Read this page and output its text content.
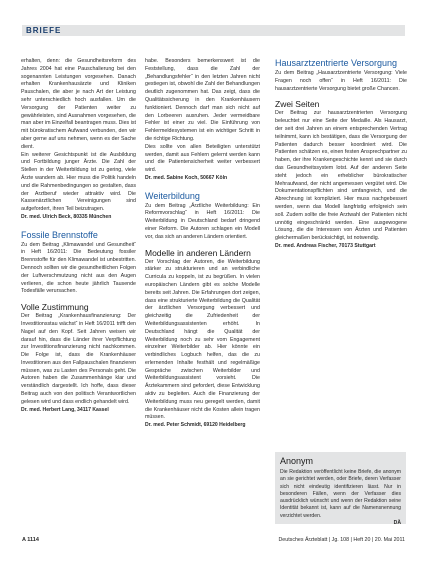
BRIEFE

erhalten, denn: die Gesundheitsreform des Jahres 2004 hat eine Pauschalierung bei den sogenannten Leistungen vorgesehen. Danach erhalten Krankenhausärzte und Kliniken Pauschalen, die aber je nach Art der Leistung sehr unterschiedlich hoch ausfallen. Um die Versorgung der Patienten weiter zu gewährleisten, sind Ausnahmen vorgesehen, die man aber im Einzelfall beantragen muss. Dies ist mit bürokratischem Aufwand verbunden, den wir aber gerne auf uns nehmen, wenn es der Sache dient.

Ein weiterer Gesichtspunkt ist die Ausbildung und Fortbildung junger Ärzte. Die Zahl der Stellen in der Weiterbildung ist zu gering, viele Ärzte wandern ab. Hier muss die Politik handeln und die Rahmenbedingungen so gestalten, dass der Arztberuf wieder attraktiv wird. Die Kassenärztlichen Vereinigungen sind aufgefordert, ihren Teil beizutragen.

Dr. med. Ulrich Beck, 80335 München

Fossile Brennstoffe

Zu dem Beitrag „Klimawandel und Gesundheit“ in Heft 16/2011: Die Bedeutung fossiler Brennstoffe für den Klimawandel ist unbestritten. Dennoch sollten wir die gesundheitlichen Folgen der Luftverschmutzung nicht aus den Augen verlieren, die schon heute jährlich Tausende Todesfälle verursachen.

Volle Zustimmung

Der Beitrag „Krankenhausfinanzierung: Der Investitionsstau wächst“ in Heft 16/2011 trifft den Nagel auf den Kopf. Seit Jahren weisen wir darauf hin, dass die Länder ihrer Verpflichtung zur Investitionsfinanzierung nicht nachkommen. Die Folge ist, dass die Krankenhäuser Investitionen aus den Fallpauschalen finanzieren müssen, was zu Lasten des Personals geht. Die Autoren haben die Zusammenhänge klar und verständlich dargestellt. Ich hoffe, dass dieser Beitrag auch von den politisch Verantwortlichen gelesen wird und dass endlich gehandelt wird.

Dr. med. Herbert Lang, 34117 Kassel

habe. Besonders bemerkenswert ist die Feststellung, dass die Zahl der „Behandlungsfehler“ in den letzten Jahren nicht gestiegen ist, obwohl die Zahl der Behandlungen deutlich zugenommen hat. Das zeigt, dass die Qualitätssicherung in den Krankenhäusern funktioniert. Dennoch darf man sich nicht auf den Lorbeeren ausruhen. Jeder vermeidbare Fehler ist einer zu viel. Die Einführung von Fehlermeldesystemen ist ein wichtiger Schritt in die richtige Richtung.

Dies sollte von allen Beteiligten unterstützt werden, damit aus Fehlern gelernt werden kann und die Patientensicherheit weiter verbessert wird.

Dr. med. Sabine Koch, 50667 Köln

Weiterbildung

Zu dem Beitrag „Ärztliche Weiterbildung: Ein Reformvorschlag“ in Heft 16/2011: Die Weiterbildung in Deutschland bedarf dringend einer Reform. Die Autoren schlagen ein Modell vor, das sich an anderen Ländern orientiert.

Modelle in anderen Ländern

Der Vorschlag der Autoren, die Weiterbildung stärker zu strukturieren und an verbindliche Curricula zu koppeln, ist zu begrüßen. In vielen europäischen Ländern gibt es solche Modelle bereits seit Jahren. Die Erfahrungen dort zeigen, dass eine strukturierte Weiterbildung die Qualität der ärztlichen Versorgung verbessert und gleichzeitig die Zufriedenheit der Weiterbildungsassistenten erhöht. In Deutschland hängt die Qualität der Weiterbildung noch zu sehr vom Engagement einzelner Weiterbilder ab. Hier könnte ein verbindliches Logbuch helfen, das die zu erlernenden Inhalte festhält und regelmäßige Gespräche zwischen Weiterbilder und Weiterbildungsassistent vorsieht. Die Ärztekammern sind gefordert, diese Entwicklung aktiv zu begleiten. Auch die Finanzierung der Weiterbildung muss neu geregelt werden, damit die Krankenhäuser nicht die Kosten allein tragen müssen.

Dr. med. Peter Schmidt, 69120 Heidelberg

Hausarztzentrierte Versorgung

Zu dem Beitrag „Hausarztzentrierte Versorgung: Viele Fragen noch offen“ in Heft 16/2011: Die hausarztzentrierte Versorgung bietet große Chancen.

Zwei Seiten

Der Beitrag zur hausarztzentrierten Versorgung beleuchtet nur eine Seite der Medaille. Als Hausarzt, der seit drei Jahren an einem entsprechenden Vertrag teilnimmt, kann ich bestätigen, dass die Versorgung der Patienten dadurch besser koordiniert wird. Die Patienten schätzen es, einen festen Ansprechpartner zu haben, der ihre Krankengeschichte kennt und sie durch das Gesundheitssystem lotst. Auf der anderen Seite steht jedoch ein erheblicher bürokratischer Mehraufwand, der nicht angemessen vergütet wird. Die Dokumentationspflichten sind umfangreich, und die Abrechnung ist kompliziert. Hier muss nachgebessert werden, wenn das Modell langfristig erfolgreich sein soll. Zudem sollte die freie Arztwahl der Patienten nicht unnötig eingeschränkt werden. Eine ausgewogene Lösung, die die Interessen von Ärzten und Patienten gleichermaßen berücksichtigt, ist notwendig.

Dr. med. Andreas Fischer, 70173 Stuttgart

Anonym

Die Redaktion veröffentlicht keine Briefe, die anonym an sie gerichtet werden, oder Briefe, deren Verfasser sich nicht eindeutig identifizieren lässt. Nur in besonderen Fällen, wenn der Verfasser dies ausdrücklich wünscht und wenn der Redaktion seine Identität bekannt ist, kann auf die Namensnennung verzichtet werden.

DÄ

A 1114	Deutsches Ärzteblatt | Jg. 108 | Heft 20 | 20. Mai 2011
